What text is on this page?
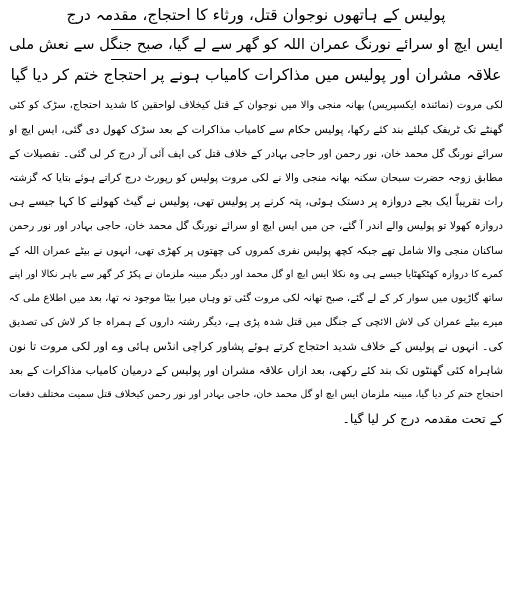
پولیس کے ہاتھوں نوجوان قتل، ورثاء کا احتجاج، مقدمہ درج
ایس ایچ او سرائے نورنگ عمران اللہ کو گھر سے لے گیا، صبح جنگل سے نعش ملی
علاقہ مشران اور پولیس میں مذاکرات کامیاب ہونے پر احتجاج ختم کر دیا گیا
لکی مروت (نمائندہ ایکسپریس) بھانہ منجی والا میں نوجوان کے قتل کیخلاف لواحقین کا شدید احتجاج، سڑک کو کئی
گھنٹے تک ٹریفک کیلئے بند کئے رکھا، پولیس حکام سے کامیاب مذاکرات کے بعد سڑک کھول دی گئی، ایس ایچ او
سرائے نورنگ گل محمد خان، نور رحمن اور حاجی بہادر کے خلاف قتل کی ایف آئی آر درج کر لی گئی۔ تفصیلات کے
مطابق زوجہ حضرت سبحان سکنہ بھانہ منجی والا نے لکی مروت پولیس کو رپورٹ درج کراتے ہوئے بتایا کہ گزشتہ
رات تقریباً ایک بجے دروازہ پر دستک ہوئی، پتہ کرنے پر پولیس تھی، پولیس نے گیٹ کھولنے کا کہا جیسے ہی
دروازہ کھولا تو پولیس والے اندر آ گئے، جن میں ایس ایچ او سرائے نورنگ گل محمد خان، حاجی بہادر اور نور رحمن
ساکنان منجی والا شامل تھے جبکہ کچھ پولیس نفری کمروں کی چھتوں پر کھڑی تھی، انہوں نے بیٹے عمران اللہ کے
کمرے کا دروازہ کھٹکھٹایا جیسے ہی وہ نکلا ایس ایچ او گل محمد اور دیگر مبینہ ملزمان نے پکڑ کر گھر سے باہر نکالا اور اپنے
ساتھ گاڑیوں میں سوار کر کے لے گئے، صبح تھانہ لکی مروت گئی تو وہاں میرا بیٹا موجود نہ تھا، بعد میں اطلاع ملی کہ
میرے بیٹے عمران کی لاش الائچی کے جنگل میں قتل شدہ پڑی ہے، دیگر رشتہ داروں کے ہمراہ جا کر لاش کی تصدیق
کی۔ انہوں نے پولیس کے خلاف شدید احتجاج کرتے ہوئے پشاور کراچی انڈس ہائی وے اور لکی مروت تا نون
شاہراہ کئی گھنٹوں تک بند کئے رکھی، بعد ازاں علاقہ مشران اور پولیس کے درمیان کامیاب مذاکرات کے بعد
احتجاج ختم کر دیا گیا، مبینہ ملزمان ایس ایچ او گل محمد خان، حاجی بہادر اور نور رحمن کیخلاف قتل سمیت مختلف دفعات
کے تحت مقدمہ درج کر لیا گیا۔
